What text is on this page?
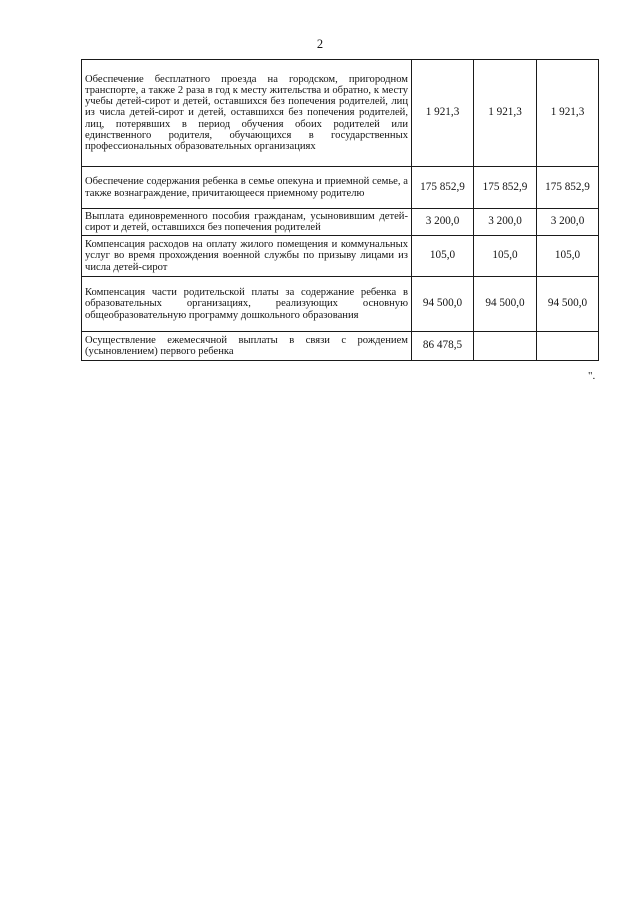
2
Обеспечение бесплатного проезда на городском, пригородном транспорте, а также 2 раза в год к месту жительства и обратно, к месту учебы детей-сирот и детей, оставшихся без попечения родителей, лиц из числа детей-сирот и детей, оставшихся без попечения родителей, лиц, потерявших в период обучения обоих родителей или единственного родителя, обучающихся в государственных профессиональных образовательных организациях	1 921,3	1 921,3	1 921,3
Обеспечение содержания ребенка в семье опекуна и приемной семье, а также вознаграждение, причитающееся приемному родителю	175 852,9	175 852,9	175 852,9
Выплата единовременного пособия гражданам, усыновившим детей-сирот и детей, оставшихся без попечения родителей	3 200,0	3 200,0	3 200,0
Компенсация расходов на оплату жилого помещения и коммунальных услуг во время прохождения военной службы по призыву лицами из числа детей-сирот	105,0	105,0	105,0
Компенсация части родительской платы за содержание ребенка в образовательных организациях, реализующих основную общеобразовательную программу дошкольного образования	94 500,0	94 500,0	94 500,0
Осуществление ежемесячной выплаты в связи с рождением (усыновлением) первого ребенка	86 478,5		
".
